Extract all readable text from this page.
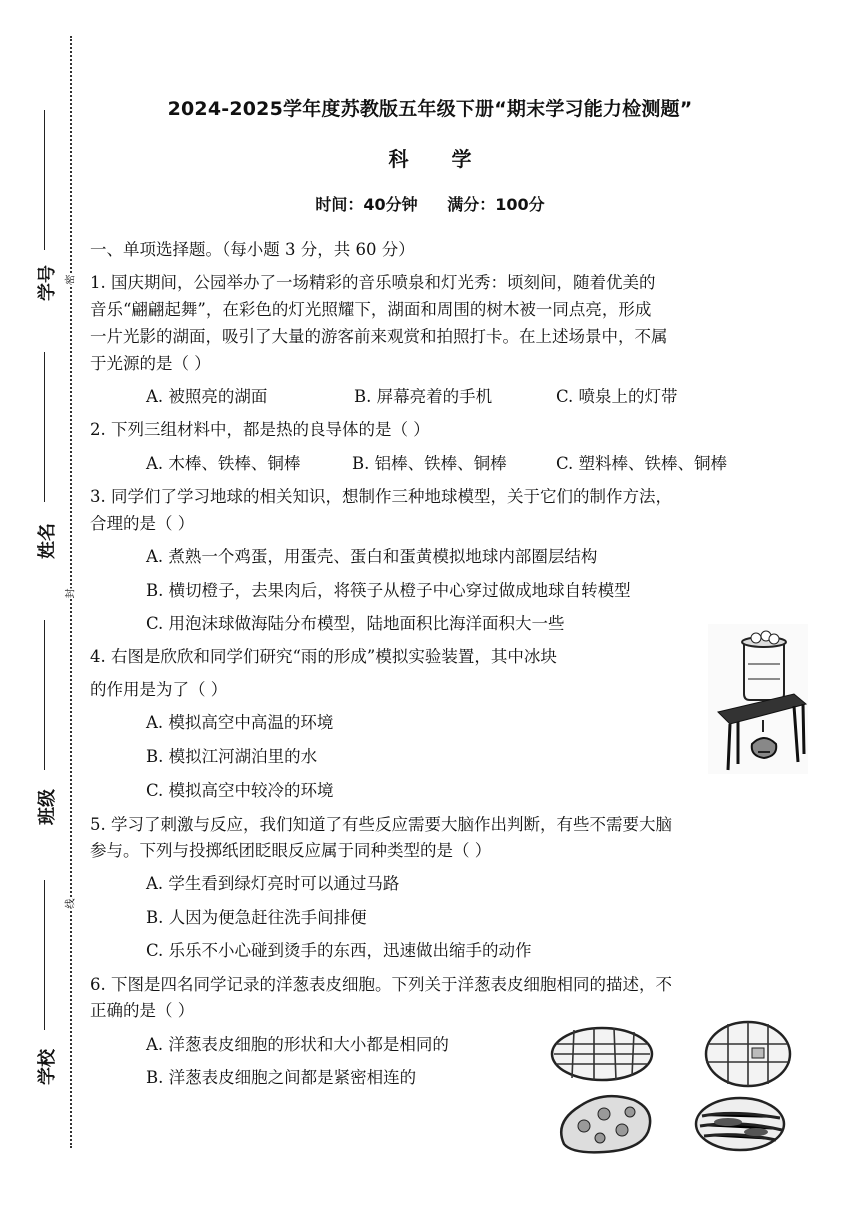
学号
姓名
班级
学校
密
封
线
2024-2025学年度苏教版五年级下册“期末学习能力检测题”
科 学
时间：40分钟 满分：100分
一、单项选择题。（每小题 3 分，共 60 分）
1. 国庆期间，公园举办了一场精彩的音乐喷泉和灯光秀：顷刻间，随着优美的
音乐“翩翩起舞”，在彩色的灯光照耀下，湖面和周围的树木被一同点亮，形成
一片光影的湖面，吸引了大量的游客前来观赏和拍照打卡。在上述场景中，不属
于光源的是（ ）
A. 被照亮的湖面	B. 屏幕亮着的手机	C. 喷泉上的灯带
2. 下列三组材料中，都是热的良导体的是（ ）
A. 木棒、铁棒、铜棒	B. 铝棒、铁棒、铜棒	C. 塑料棒、铁棒、铜棒
3. 同学们了学习地球的相关知识，想制作三种地球模型，关于它们的制作方法，
合理的是（ ）
A. 煮熟一个鸡蛋，用蛋壳、蛋白和蛋黄模拟地球内部圈层结构
B. 横切橙子，去果肉后，将筷子从橙子中心穿过做成地球自转模型
C. 用泡沫球做海陆分布模型，陆地面积比海洋面积大一些
4. 右图是欣欣和同学们研究“雨的形成”模拟实验装置，其中冰块
的作用是为了（ ）
A. 模拟高空中高温的环境
B. 模拟江河湖泊里的水
C. 模拟高空中较冷的环境
5. 学习了刺激与反应，我们知道了有些反应需要大脑作出判断，有些不需要大脑
参与。下列与投掷纸团眨眼反应属于同种类型的是（ ）
A. 学生看到绿灯亮时可以通过马路
B. 人因为便急赶往洗手间排便
C. 乐乐不小心碰到烫手的东西，迅速做出缩手的动作
6. 下图是四名同学记录的洋葱表皮细胞。下列关于洋葱表皮细胞相同的描述，不
正确的是（ ）
A. 洋葱表皮细胞的形状和大小都是相同的
B. 洋葱表皮细胞之间都是紧密相连的
